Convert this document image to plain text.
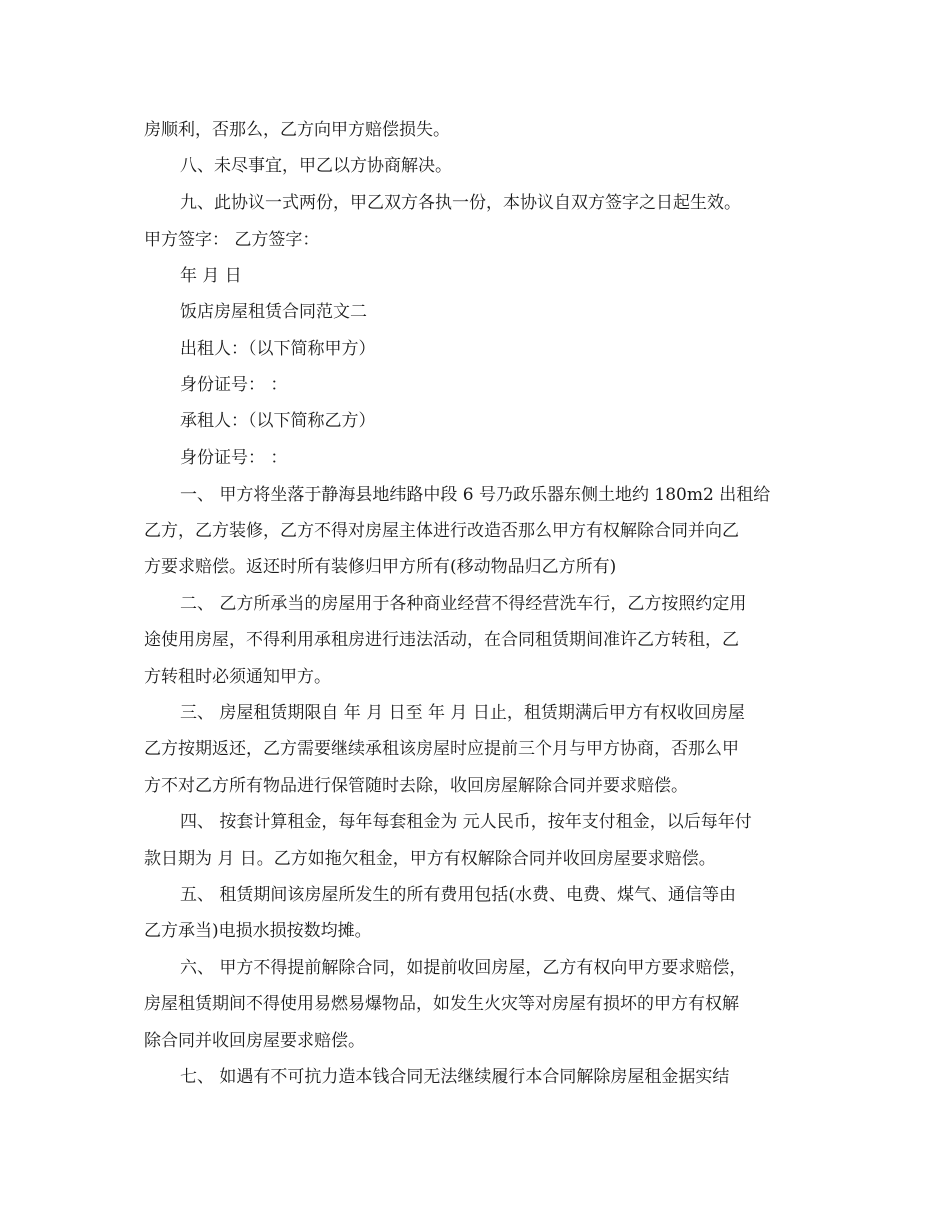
房顺利，否那么，乙方向甲方赔偿损失。
八、未尽事宜，甲乙以方协商解决。
九、此协议一式两份，甲乙双方各执一份，本协议自双方签字之日起生效。
甲方签字： 乙方签字：
年 月 日
饭店房屋租赁合同范文二
出租人：（以下简称甲方）
身份证号： ：
承租人：（以下简称乙方）
身份证号： ：
一、 甲方将坐落于静海县地纬路中段 6 号乃政乐器东侧土地约 180m2 出租给
乙方，乙方装修，乙方不得对房屋主体进行改造否那么甲方有权解除合同并向乙
方要求赔偿。返还时所有装修归甲方所有(移动物品归乙方所有)
二、 乙方所承当的房屋用于各种商业经营不得经营洗车行，乙方按照约定用
途使用房屋，不得利用承租房进行违法活动，在合同租赁期间准许乙方转租，乙
方转租时必须通知甲方。
三、 房屋租赁期限自 年 月 日至 年 月 日止，租赁期满后甲方有权收回房屋
乙方按期返还，乙方需要继续承租该房屋时应提前三个月与甲方协商，否那么甲
方不对乙方所有物品进行保管随时去除，收回房屋解除合同并要求赔偿。
四、 按套计算租金，每年每套租金为 元人民币，按年支付租金，以后每年付
款日期为 月 日。乙方如拖欠租金，甲方有权解除合同并收回房屋要求赔偿。
五、 租赁期间该房屋所发生的所有费用包括(水费、电费、煤气、通信等由
乙方承当)电损水损按数均摊。
六、 甲方不得提前解除合同，如提前收回房屋，乙方有权向甲方要求赔偿，
房屋租赁期间不得使用易燃易爆物品，如发生火灾等对房屋有损坏的甲方有权解
除合同并收回房屋要求赔偿。
七、 如遇有不可抗力造本钱合同无法继续履行本合同解除房屋租金据实结
